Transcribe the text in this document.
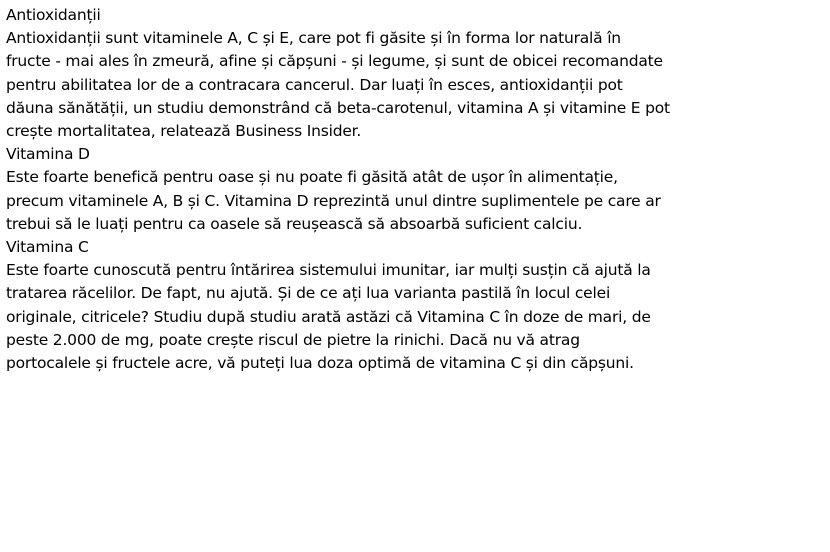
Antioxidanții
Antioxidanții sunt vitaminele A, C și E, care pot fi găsite și în forma lor naturală în
fructe - mai ales în zmeură, afine și căpșuni - și legume, și sunt de obicei recomandate
pentru abilitatea lor de a contracara cancerul. Dar luați în esces, antioxidanții pot
dăuna sănătății, un studiu demonstrând că beta-carotenul, vitamina A și vitamine E pot
crește mortalitatea, relatează Business Insider.
Vitamina D
Este foarte benefică pentru oase și nu poate fi găsită atât de ușor în alimentație,
precum vitaminele A, B și C. Vitamina D reprezintă unul dintre suplimentele pe care ar
trebui să le luați pentru ca oasele să reușească să absoarbă suficient calciu.
Vitamina C
Este foarte cunoscută pentru întărirea sistemului imunitar, iar mulți susțin că ajută la
tratarea răcelilor. De fapt, nu ajută. Și de ce ați lua varianta pastilă în locul celei
originale, citricele? Studiu după studiu arată astăzi că Vitamina C în doze de mari, de
peste 2.000 de mg, poate crește riscul de pietre la rinichi. Dacă nu vă atrag
portocalele și fructele acre, vă puteți lua doza optimă de vitamina C și din căpșuni.
